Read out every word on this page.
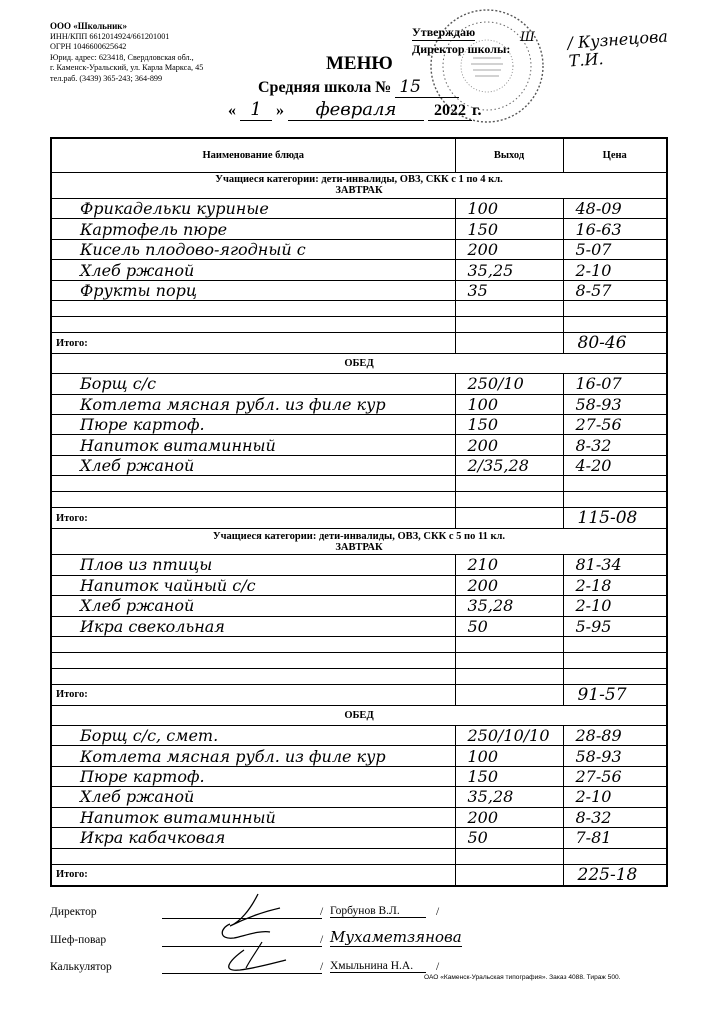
ООО «Школьник»
ИНН/КПП 6612014924/661201001
ОГРН 1046600625642
Юрид. адрес: 623418, Свердловская обл.,
г. Каменск-Уральский, ул. Карла Маркса, 45
тел.раб. (3439) 365-243; 364-899
Утверждаю
Директор школы:
Ш / Кузнецова Т.И.
МЕНЮ
Средняя школа № 15
« 1 » февраля 2022 г.
Наименование блюда	Выход	Цена

Учащиеся категории: дети-инвалиды, ОВЗ, СКК с 1 по 4 кл.
ЗАВТРАК		

Фрикадельки куриные	100	48-09
Картофель пюре	150	16-63
Кисель плодово-ягодный с	200	5-07
Хлеб ржаной	35,25	2-10
Фрукты порц	35	8-57

Итого:		80-46
ОБЕД		
Борщ с/с	250/10	16-07
Котлета мясная рубл. из филе кур	100	58-93
Пюре картоф.	150	27-56
Напиток витаминный	200	8-32
Хлеб ржаной	2/35,28	4-20

Итого:		115-08

Учащиеся категории: дети-инвалиды, ОВЗ, СКК с 5 по 11 кл.
ЗАВТРАК		

Плов из птицы	210	81-34
Напиток чайный с/с	200	2-18
Хлеб ржаной	35,28	2-10
Икра свекольная	50	5-95

Итого:		91-57
ОБЕД		
Борщ с/с, смет.	250/10/10	28-89
Котлета мясная рубл. из филе кур	100	58-93
Пюре картоф.	150	27-56
Хлеб ржаной	35,28	2-10
Напиток витаминный	200	8-32
Икра кабачковая	50	7-81

Итого:		225-18
Директор	/ Горбунов В.Л.	/
Шеф-повар	/ Мухаметзянова
Калькулятор	/ Хмыльнина Н.А.	/
ОАО «Каменск-Уральская типография». Заказ 4088. Тираж 500.
